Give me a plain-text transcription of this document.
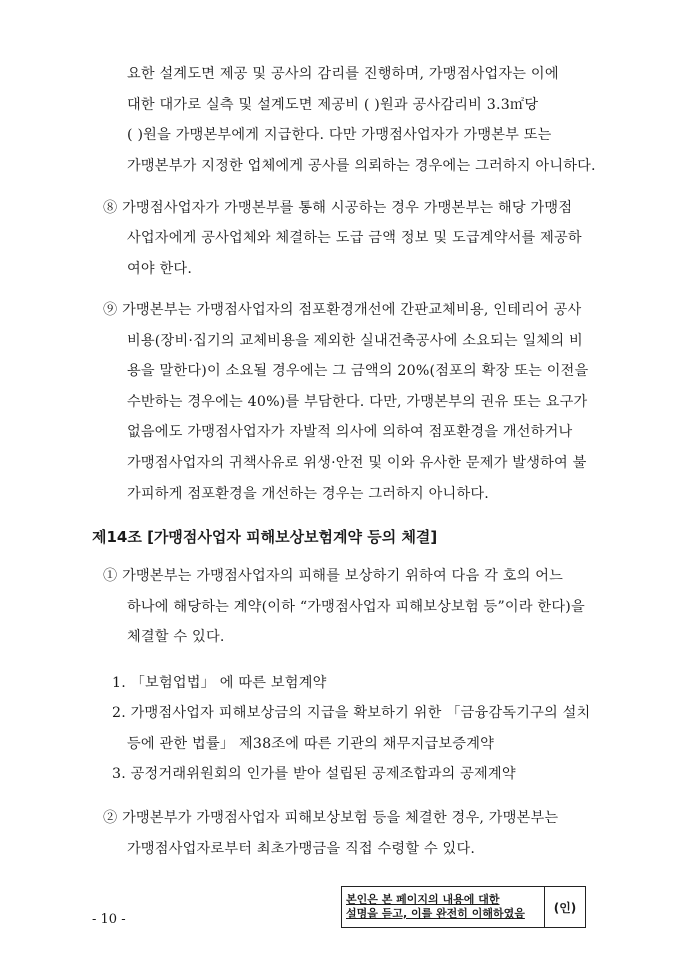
요한 설계도면 제공 및 공사의 감리를 진행하며, 가맹점사업자는 이에
대한 대가로 실측 및 설계도면 제공비 ( )원과 공사감리비 3.3㎡당
( )원을 가맹본부에게 지급한다. 다만 가맹점사업자가 가맹본부 또는
가맹본부가 지정한 업체에게 공사를 의뢰하는 경우에는 그러하지 아니하다.
⑧ 가맹점사업자가 가맹본부를 통해 시공하는 경우 가맹본부는 해당 가맹점
사업자에게 공사업체와 체결하는 도급 금액 정보 및 도급계약서를 제공하
여야 한다.
⑨ 가맹본부는 가맹점사업자의 점포환경개선에 간판교체비용, 인테리어 공사
비용(장비·집기의 교체비용을 제외한 실내건축공사에 소요되는 일체의 비
용을 말한다)이 소요될 경우에는 그 금액의 20%(점포의 확장 또는 이전을
수반하는 경우에는 40%)를 부담한다. 다만, 가맹본부의 권유 또는 요구가
없음에도 가맹점사업자가 자발적 의사에 의하여 점포환경을 개선하거나
가맹점사업자의 귀책사유로 위생·안전 및 이와 유사한 문제가 발생하여 불
가피하게 점포환경을 개선하는 경우는 그러하지 아니하다.
제14조 [가맹점사업자 피해보상보험계약 등의 체결]
① 가맹본부는 가맹점사업자의 피해를 보상하기 위하여 다음 각 호의 어느
하나에 해당하는 계약(이하 “가맹점사업자 피해보상보험 등”이라 한다)을
체결할 수 있다.
1. 「보험업법」 에 따른 보험계약
2. 가맹점사업자 피해보상금의 지급을 확보하기 위한 「금융감독기구의 설치
등에 관한 법률」 제38조에 따른 기관의 채무지급보증계약
3. 공정거래위원회의 인가를 받아 설립된 공제조합과의 공제계약
② 가맹본부가 가맹점사업자 피해보상보험 등을 체결한 경우, 가맹본부는
가맹점사업자로부터 최초가맹금을 직접 수령할 수 있다.
- 10 -
본인은 본 페이지의 내용에 대한
설명을 듣고, 이를 완전히 이해하였음	(인)
